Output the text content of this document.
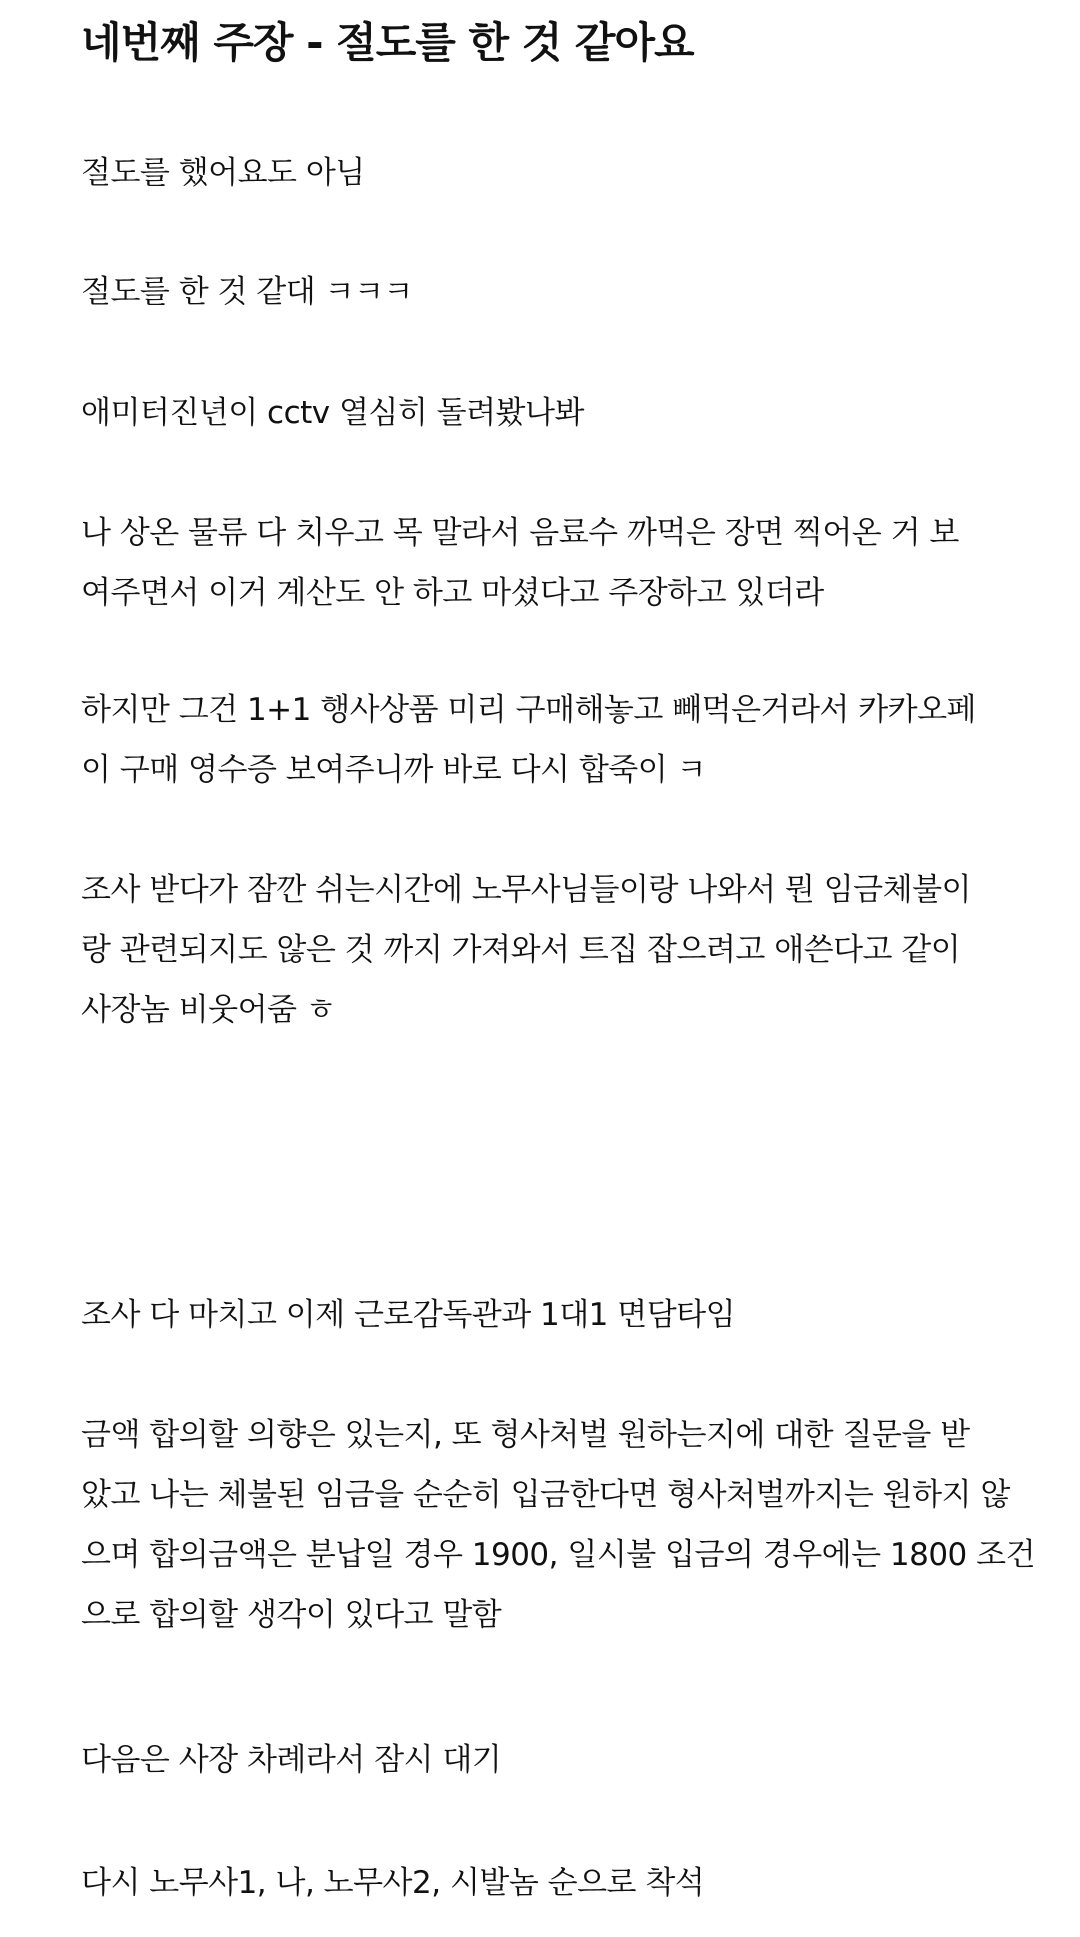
네번째 주장 - 절도를 한 것 같아요

절도를 했어요도 아님

절도를 한 것 같대 ㅋㅋㅋ

애미터진년이 cctv 열심히 돌려봤나봐

나 상온 물류 다 치우고 목 말라서 음료수 까먹은 장면 찍어온 거 보
여주면서 이거 계산도 안 하고 마셨다고 주장하고 있더라

하지만 그건 1+1 행사상품 미리 구매해놓고 빼먹은거라서 카카오페
이 구매 영수증 보여주니까 바로 다시 합죽이 ㅋ

조사 받다가 잠깐 쉬는시간에 노무사님들이랑 나와서 뭔 임금체불이
랑 관련되지도 않은 것 까지 가져와서 트집 잡으려고 애쓴다고 같이
사장놈 비웃어줌 ㅎ

조사 다 마치고 이제 근로감독관과 1대1 면담타임

금액 합의할 의향은 있는지, 또 형사처벌 원하는지에 대한 질문을 받
았고 나는 체불된 임금을 순순히 입금한다면 형사처벌까지는 원하지 않
으며 합의금액은 분납일 경우 1900, 일시불 입금의 경우에는 1800 조건
으로 합의할 생각이 있다고 말함

다음은 사장 차례라서 잠시 대기

다시 노무사1, 나, 노무사2, 시발놈 순으로 착석
